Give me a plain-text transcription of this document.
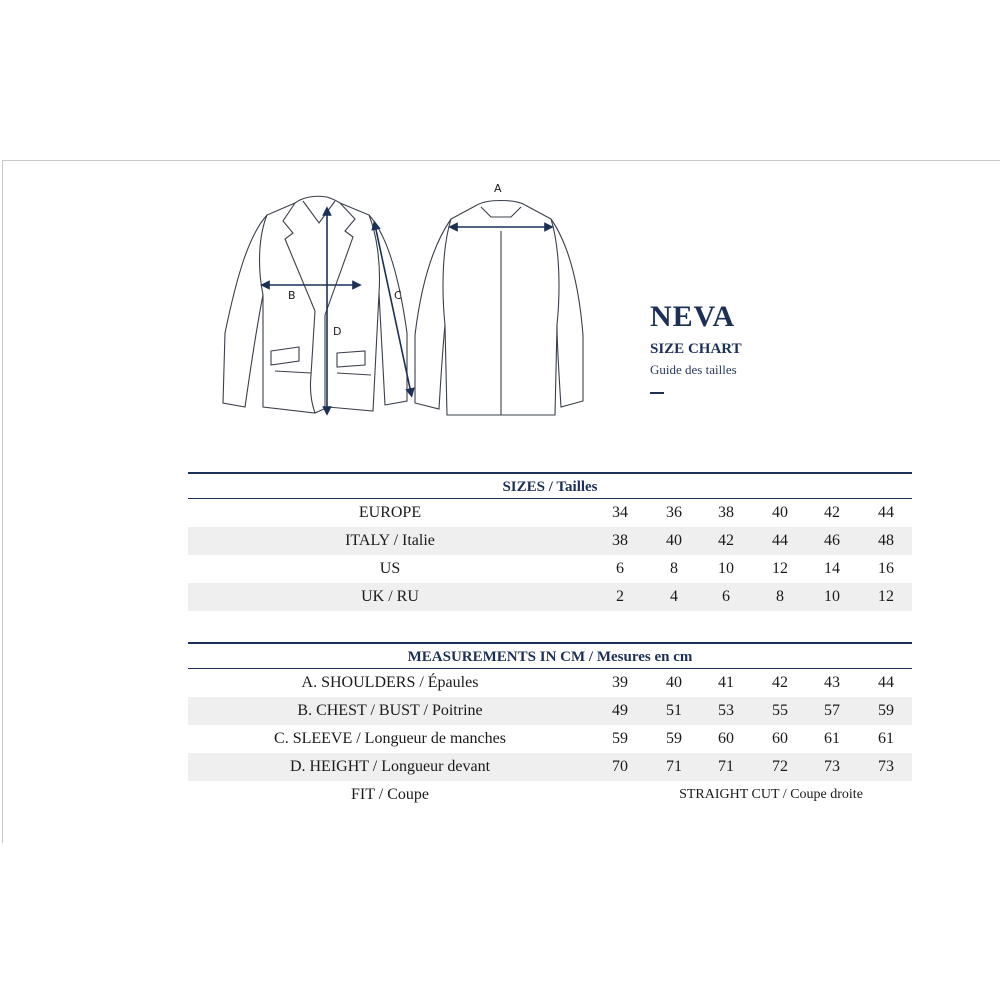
A
B	C
D	NEVA
SIZE CHART
Guide des tailles
SIZES / Tailles
EUROPE	34	36	38	40	42	44
ITALY / Italie	38	40	42	44	46	48
US	6	8	10	12	14	16
UK / RU	2	4	6	8	10	12
MEASUREMENTS IN CM / Mesures en cm
A. SHOULDERS / Épaules	39	40	41	42	43	44
B. CHEST / BUST / Poitrine	49	51	53	55	57	59
C. SLEEVE / Longueur de manches	59	59	60	60	61	61
D. HEIGHT / Longueur devant	70	71	71	72	73	73
FIT / Coupe	STRAIGHT CUT / Coupe droite
